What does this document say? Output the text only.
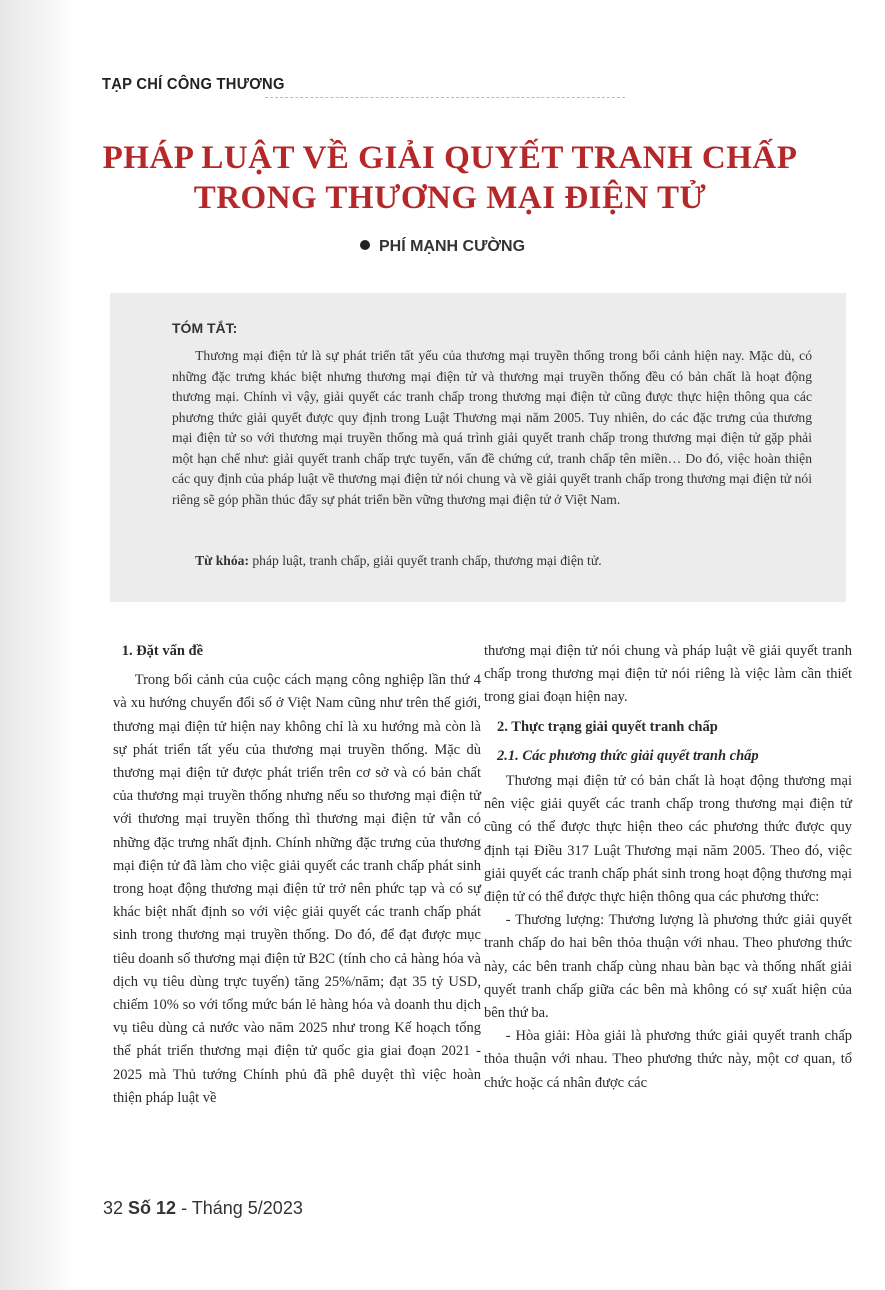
TẠP CHÍ CÔNG THƯƠNG
PHÁP LUẬT VỀ GIẢI QUYẾT TRANH CHẤP
TRONG THƯƠNG MẠI ĐIỆN TỬ
PHÍ MẠNH CƯỜNG
TÓM TẮT:

Thương mại điện tử là sự phát triển tất yếu của thương mại truyền thống trong bối cảnh hiện nay. Mặc dù, có những đặc trưng khác biệt nhưng thương mại điện tử và thương mại truyền thống đều có bản chất là hoạt động thương mại. Chính vì vậy, giải quyết các tranh chấp trong thương mại điện tử cũng được thực hiện thông qua các phương thức giải quyết được quy định trong Luật Thương mại năm 2005. Tuy nhiên, do các đặc trưng của thương mại điện tử so với thương mại truyền thống mà quá trình giải quyết tranh chấp trong thương mại điện tử gặp phải một hạn chế như: giải quyết tranh chấp trực tuyến, vấn đề chứng cứ, tranh chấp tên miền… Do đó, việc hoàn thiện các quy định của pháp luật về thương mại điện tử nói chung và về giải quyết tranh chấp trong thương mại điện tử nói riêng sẽ góp phần thúc đẩy sự phát triển bền vững thương mại điện tử ở Việt Nam.

Từ khóa: pháp luật, tranh chấp, giải quyết tranh chấp, thương mại điện tử.

1. Đặt vấn đề

Trong bối cảnh của cuộc cách mạng công nghiệp lần thứ 4 và xu hướng chuyển đổi số ở Việt Nam cũng như trên thế giới, thương mại điện tử hiện nay không chỉ là xu hướng mà còn là sự phát triển tất yếu của thương mại truyền thống. Mặc dù thương mại điện tử được phát triển trên cơ sở và có bản chất của thương mại truyền thống nhưng nếu so thương mại điện tử với thương mại truyền thống thì thương mại điện tử vẫn có những đặc trưng nhất định. Chính những đặc trưng của thương mại điện tử đã làm cho việc giải quyết các tranh chấp phát sinh trong hoạt động thương mại điện tử trở nên phức tạp và có sự khác biệt nhất định so với việc giải quyết các tranh chấp phát sinh trong thương mại truyền thống. Do đó, để đạt được mục tiêu doanh số thương mại điện tử B2C (tính cho cả hàng hóa và dịch vụ tiêu dùng trực tuyến) tăng 25%/năm; đạt 35 tỷ USD, chiếm 10% so với tổng mức bán lẻ hàng hóa và doanh thu dịch vụ tiêu dùng cả nước vào năm 2025 như trong Kế hoạch tổng thể phát triển thương mại điện tử quốc gia giai đoạn 2021 - 2025 mà Thủ tướng Chính phủ đã phê duyệt thì việc hoàn thiện pháp luật về

thương mại điện tử nói chung và pháp luật về giải quyết tranh chấp trong thương mại điện tử nói riêng là việc làm cần thiết trong giai đoạn hiện nay.

2. Thực trạng giải quyết tranh chấp
2.1. Các phương thức giải quyết tranh chấp

Thương mại điện tử có bản chất là hoạt động thương mại nên việc giải quyết các tranh chấp trong thương mại điện tử cũng có thể được thực hiện theo các phương thức được quy định tại Điều 317 Luật Thương mại năm 2005. Theo đó, việc giải quyết các tranh chấp phát sinh trong hoạt động thương mại điện tử có thể được thực hiện thông qua các phương thức:

- Thương lượng: Thương lượng là phương thức giải quyết tranh chấp do hai bên thỏa thuận với nhau. Theo phương thức này, các bên tranh chấp cùng nhau bàn bạc và thống nhất giải quyết tranh chấp giữa các bên mà không có sự xuất hiện của bên thứ ba.

- Hòa giải: Hòa giải là phương thức giải quyết tranh chấp thỏa thuận với nhau. Theo phương thức này, một cơ quan, tổ chức hoặc cá nhân được các

32 Số 12 - Tháng 5/2023
